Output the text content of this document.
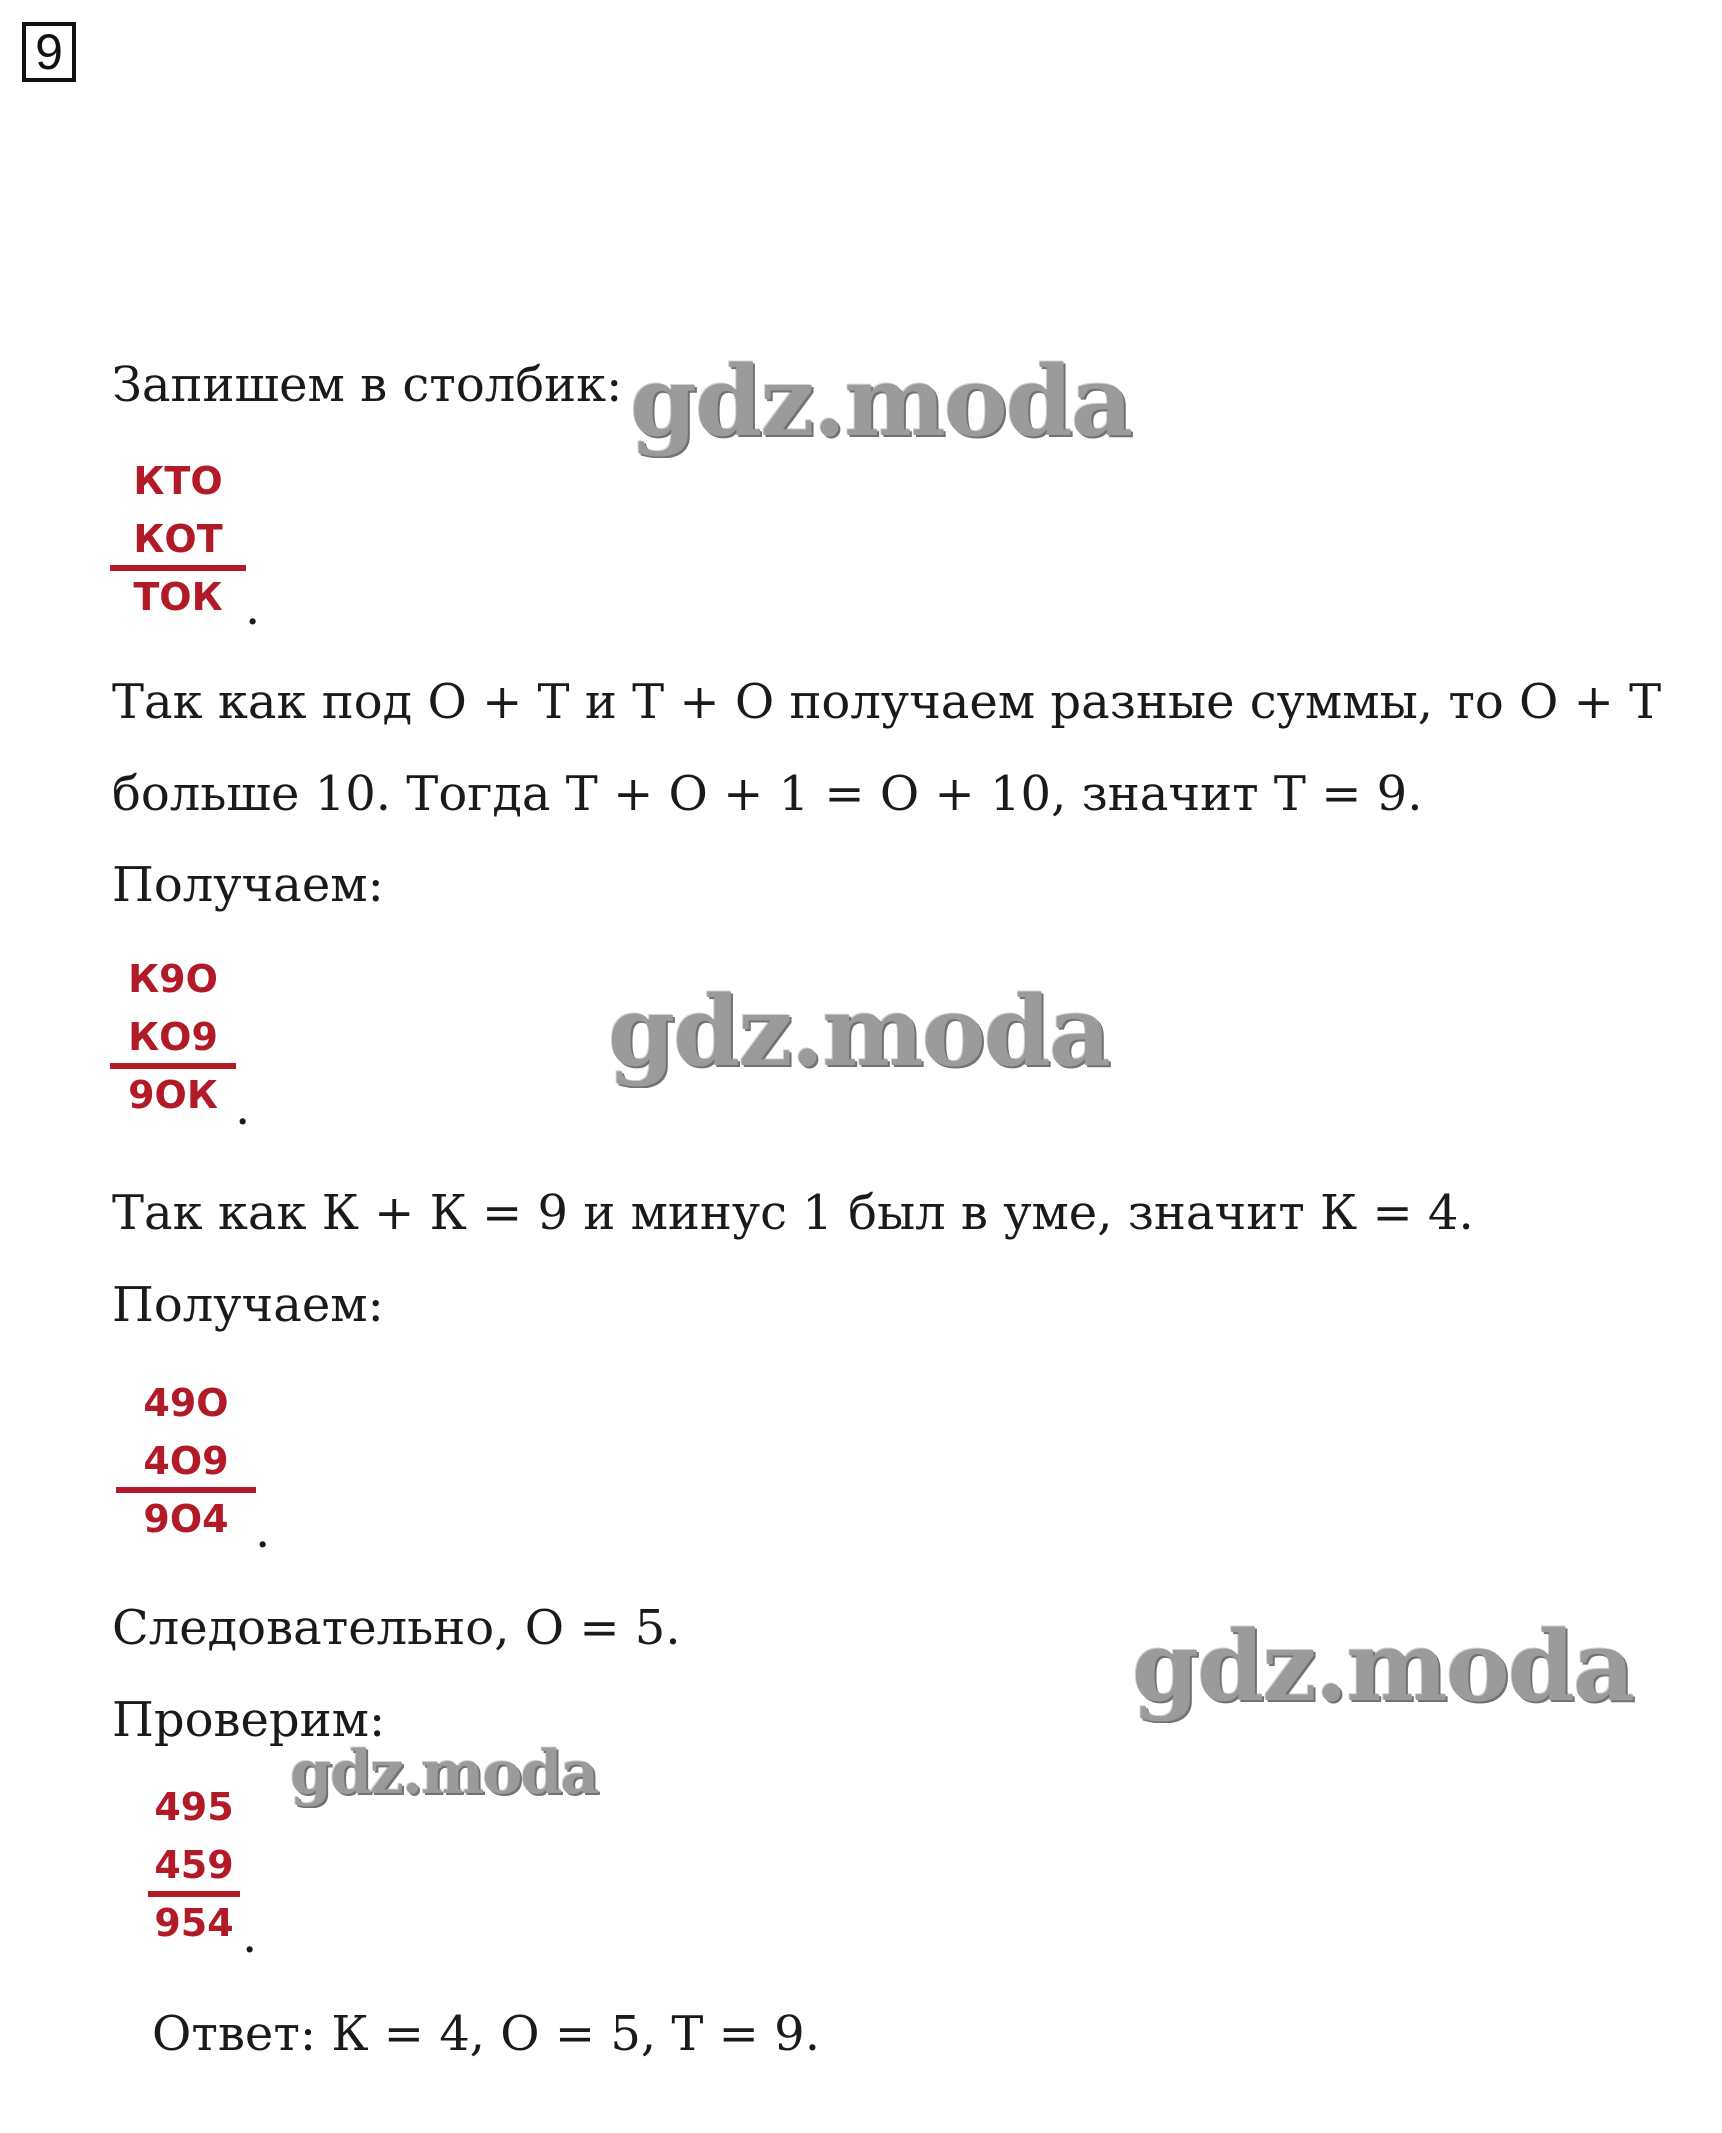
9
Запишем в столбик:
КТО
КОТ
ТОК .
Так как под О + Т и Т + О получаем разные суммы, то О + Т
больше 10. Тогда Т + О + 1 = О + 10, значит Т = 9.
Получаем:
К9О
КО9
9ОК .
Так как К + К = 9 и минус 1 был в уме, значит К = 4.
Получаем:
49О
4О9
9О4 .
Следовательно, О = 5.
Проверим:
495
459
954 .
Ответ: К = 4, О = 5, Т = 9.
gdz.moda
gdz.moda
gdz.moda
gdz.moda
